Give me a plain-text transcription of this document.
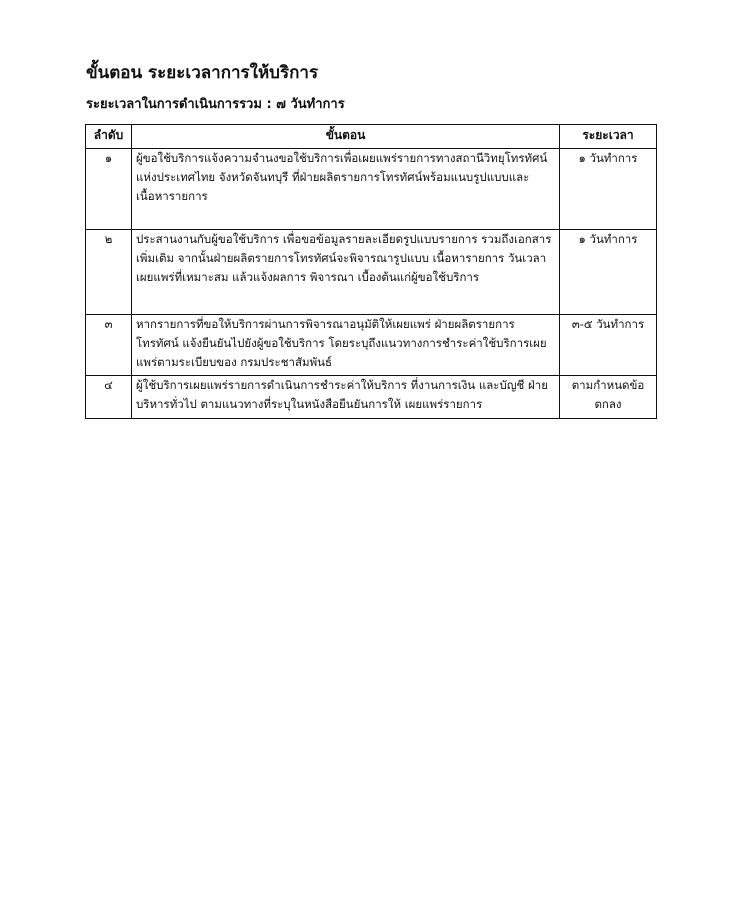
ขั้นตอน ระยะเวลาการให้บริการ
ระยะเวลาในการดำเนินการรวม : ๗ วันทำการ
ลำดับ	ขั้นตอน	ระยะเวลา
๑	ผู้ขอใช้บริการแจ้งความจำนงขอใช้บริการเพื่อเผยแพร่รายการทางสถานีวิทยุโทรทัศน์แห่งประเทศไทย จังหวัดจันทบุรี ที่ฝ่ายผลิตรายการโทรทัศน์พร้อมแนบรูปแบบและเนื้อหารายการ	๑ วันทำการ
๒	ประสานงานกับผู้ขอใช้บริการ เพื่อขอข้อมูลรายละเอียดรูปแบบรายการ รวมถึงเอกสารเพิ่มเติม จากนั้นฝ่ายผลิตรายการโทรทัศน์จะพิจารณารูปแบบ เนื้อหารายการ วันเวลาเผยแพร่ที่เหมาะสม แล้วแจ้งผลการ พิจารณา เบื้องต้นแก่ผู้ขอใช้บริการ	๑ วันทำการ
๓	หากรายการที่ขอให้บริการผ่านการพิจารณาอนุมัติให้เผยแพร่ ฝ่ายผลิตรายการโทรทัศน์ แจ้งยืนยันไปยังผู้ขอใช้บริการ โดยระบุถึงแนวทางการชำระค่าใช้บริการเผยแพร่ตามระเบียบของ กรมประชาสัมพันธ์	๓-๕ วันทำการ
๔	ผู้ใช้บริการเผยแพร่รายการดำเนินการชำระค่าให้บริการ ที่งานการเงิน และบัญชี ฝ่ายบริหารทั่วไป ตามแนวทางที่ระบุในหนังสือยืนยันการให้ เผยแพร่รายการ	ตามกำหนดข้อตกลง
